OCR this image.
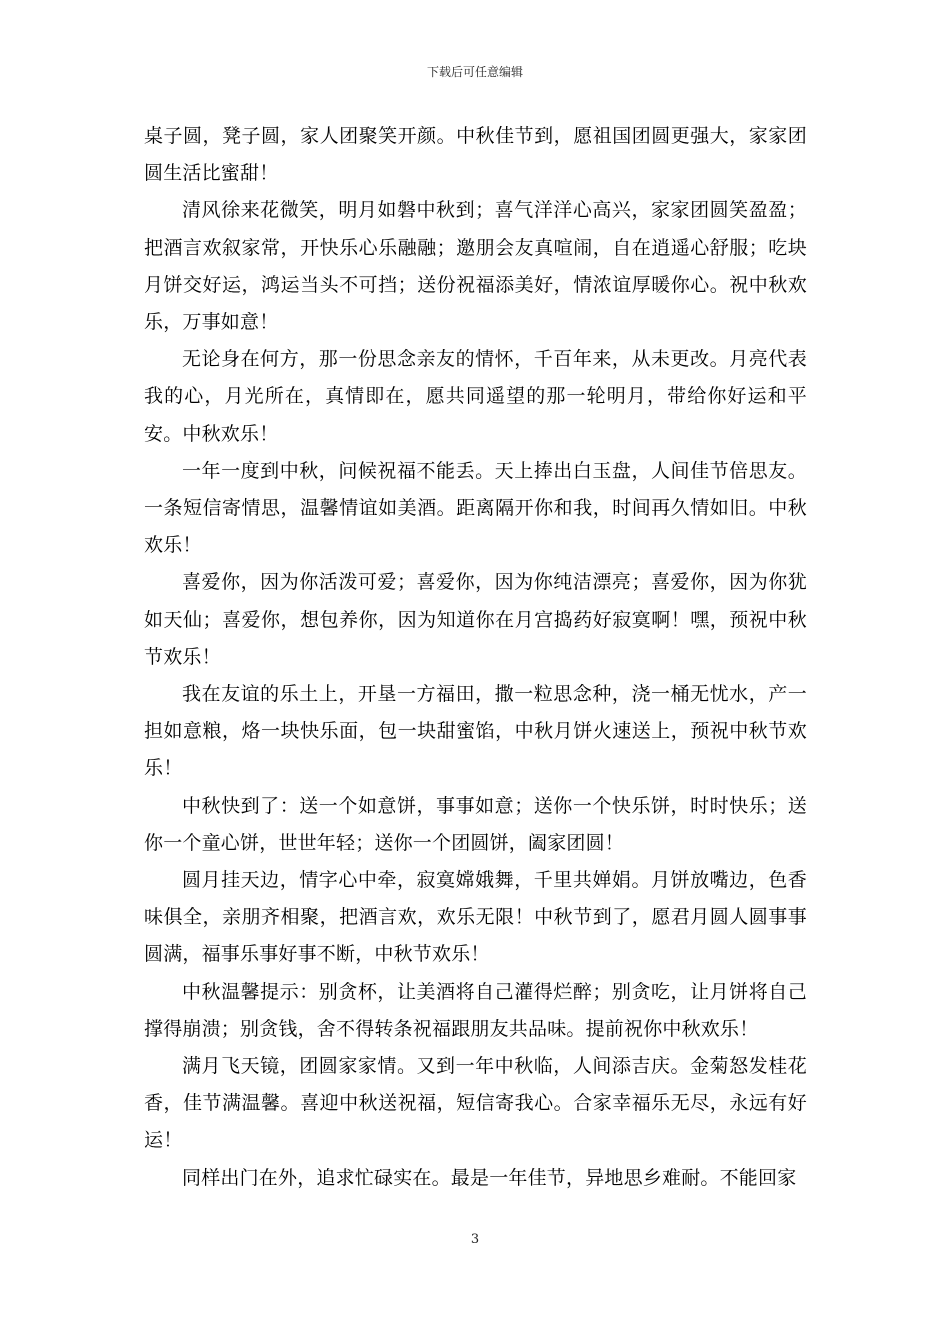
下载后可任意编辑

桌子圆，凳子圆，家人团聚笑开颜。中秋佳节到，愿祖国团圆更强大，家家团圆生活比蜜甜！

清风徐来花微笑，明月如磐中秋到；喜气洋洋心高兴，家家团圆笑盈盈；把酒言欢叙家常，开快乐心乐融融；邀朋会友真喧闹，自在逍遥心舒服；吃块月饼交好运，鸿运当头不可挡；送份祝福添美好，情浓谊厚暖你心。祝中秋欢乐，万事如意！

无论身在何方，那一份思念亲友的情怀，千百年来，从未更改。月亮代表我的心，月光所在，真情即在，愿共同遥望的那一轮明月，带给你好运和平安。中秋欢乐！

一年一度到中秋，问候祝福不能丢。天上捧出白玉盘，人间佳节倍思友。一条短信寄情思，温馨情谊如美酒。距离隔开你和我，时间再久情如旧。中秋欢乐！

喜爱你，因为你活泼可爱；喜爱你，因为你纯洁漂亮；喜爱你，因为你犹如天仙；喜爱你，想包养你，因为知道你在月宫捣药好寂寞啊！嘿，预祝中秋节欢乐！

我在友谊的乐土上，开垦一方福田，撒一粒思念种，浇一桶无忧水，产一担如意粮，烙一块快乐面，包一块甜蜜馅，中秋月饼火速送上，预祝中秋节欢乐！

中秋快到了：送一个如意饼，事事如意；送你一个快乐饼，时时快乐；送你一个童心饼，世世年轻；送你一个团圆饼，阖家团圆！

圆月挂天边，情字心中牵，寂寞嫦娥舞，千里共婵娟。月饼放嘴边，色香味俱全，亲朋齐相聚，把酒言欢，欢乐无限！中秋节到了，愿君月圆人圆事事圆满，福事乐事好事不断，中秋节欢乐！

中秋温馨提示：别贪杯，让美酒将自己灌得烂醉；别贪吃，让月饼将自己撑得崩溃；别贪钱，舍不得转条祝福跟朋友共品味。提前祝你中秋欢乐！

满月飞天镜，团圆家家情。又到一年中秋临，人间添吉庆。金菊怒发桂花香，佳节满温馨。喜迎中秋送祝福，短信寄我心。合家幸福乐无尽，永远有好运！

同样出门在外，追求忙碌实在。最是一年佳节，异地思乡难耐。不能回家

3
